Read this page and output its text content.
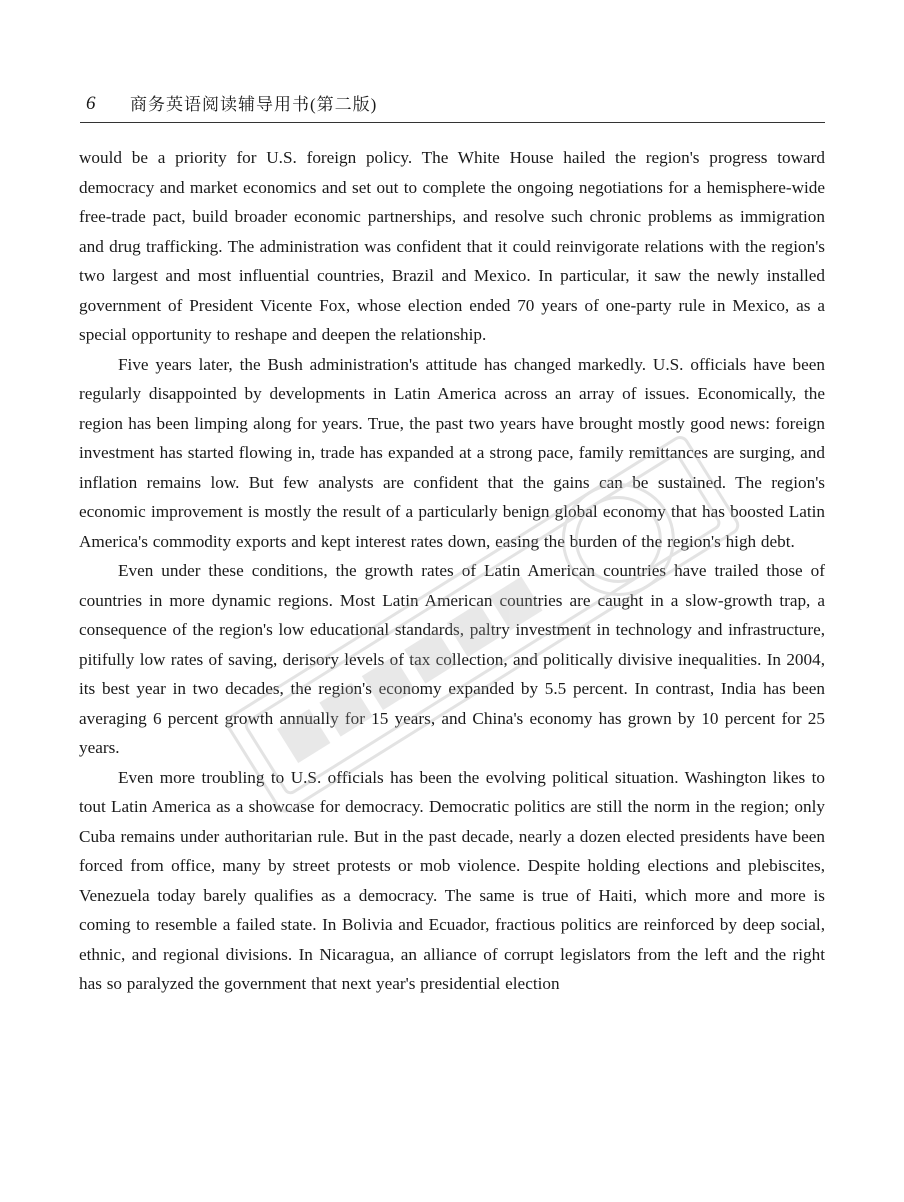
6 商务英语阅读辅导用书(第二版)

would be a priority for U.S. foreign policy. The White House hailed the region's progress toward democracy and market economics and set out to complete the ongoing negotiations for a hemisphere-wide free-trade pact, build broader economic partnerships, and resolve such chronic problems as immigration and drug trafficking. The administration was confident that it could reinvigorate relations with the region's two largest and most influential countries, Brazil and Mexico. In particular, it saw the newly installed government of President Vicente Fox, whose election ended 70 years of one-party rule in Mexico, as a special opportunity to reshape and deepen the relationship.

Five years later, the Bush administration's attitude has changed markedly. U.S. officials have been regularly disappointed by developments in Latin America across an array of issues. Economically, the region has been limping along for years. True, the past two years have brought mostly good news: foreign investment has started flowing in, trade has expanded at a strong pace, family remittances are surging, and inflation remains low. But few analysts are confident that the gains can be sustained. The region's economic improvement is mostly the result of a particularly benign global economy that has boosted Latin America's commodity exports and kept interest rates down, easing the burden of the region's high debt.

Even under these conditions, the growth rates of Latin American countries have trailed those of countries in more dynamic regions. Most Latin American countries are caught in a slow-growth trap, a consequence of the region's low educational standards, paltry investment in technology and infrastructure, pitifully low rates of saving, derisory levels of tax collection, and politically divisive inequalities. In 2004, its best year in two decades, the region's economy expanded by 5.5 percent. In contrast, India has been averaging 6 percent growth annually for 15 years, and China's economy has grown by 10 percent for 25 years.

Even more troubling to U.S. officials has been the evolving political situation. Washington likes to tout Latin America as a showcase for democracy. Democratic politics are still the norm in the region; only Cuba remains under authoritarian rule. But in the past decade, nearly a dozen elected presidents have been forced from office, many by street protests or mob violence. Despite holding elections and plebiscites, Venezuela today barely qualifies as a democracy. The same is true of Haiti, which more and more is coming to resemble a failed state. In Bolivia and Ecuador, fractious politics are reinforced by deep social, ethnic, and regional divisions. In Nicaragua, an alliance of corrupt legislators from the left and the right has so paralyzed the government that next year's presidential election
